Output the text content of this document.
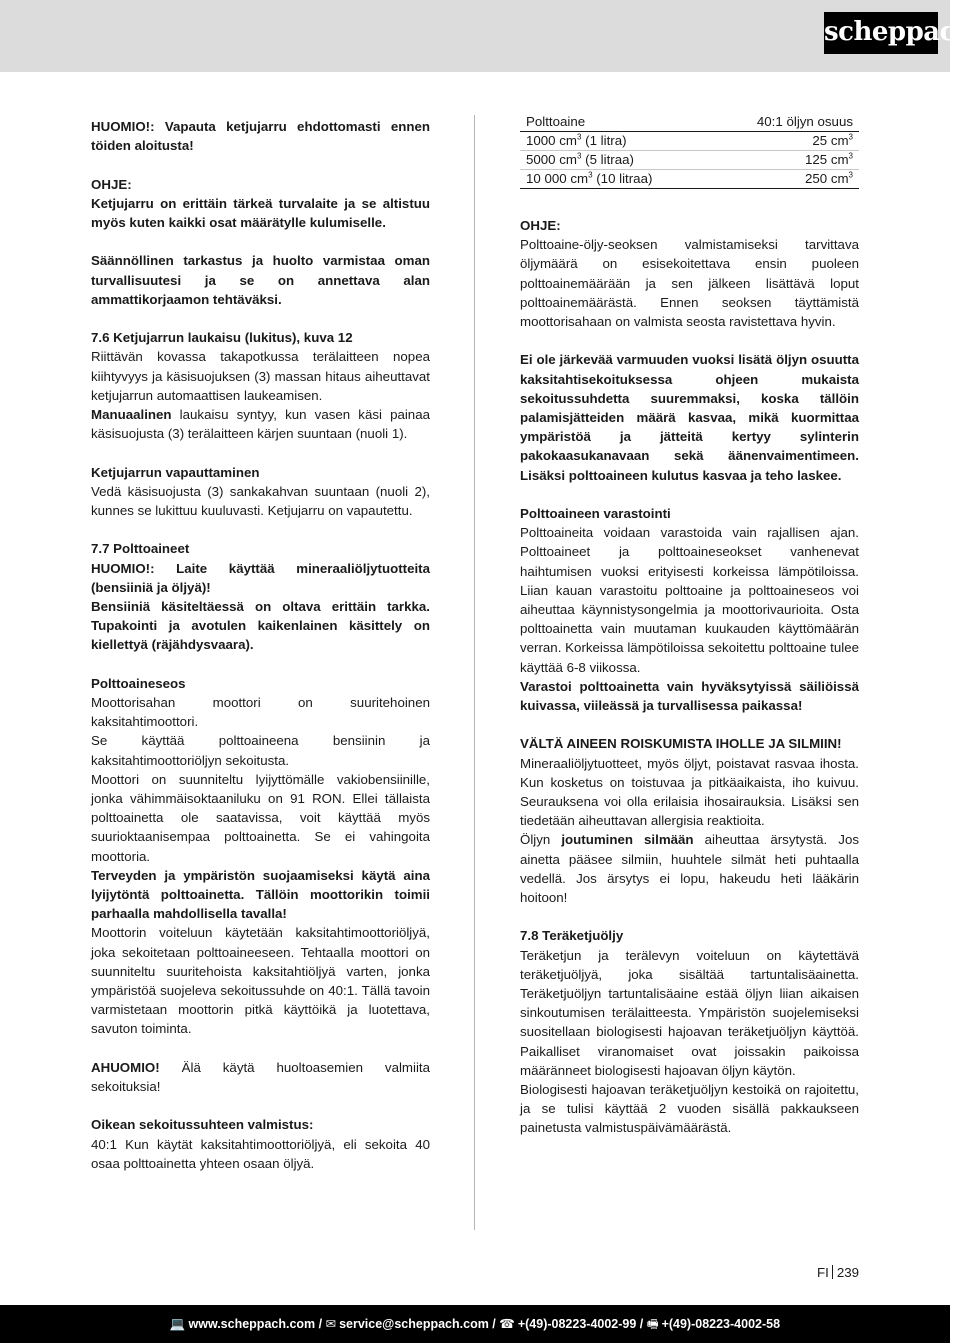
scheppach

HUOMIO!: Vapauta ketjujarru ehdottomasti ennen töiden aloitusta!

OHJE:
Ketjujarru on erittäin tärkeä turvalaite ja se altistuu myös kuten kaikki osat määrätylle kulumiselle.

Säännöllinen tarkastus ja huolto varmistaa oman turvallisuutesi ja se on annettava alan ammattikorjaamon tehtäväksi.

7.6 Ketjujarrun laukaisu (lukitus), kuva 12
Riittävän kovassa takapotkussa terälaitteen nopea kiihtyvyys ja käsisuojuksen (3) massan hitaus aiheuttavat ketjujarrun automaattisen laukeamisen.
Manuaalinen laukaisu syntyy, kun vasen käsi painaa käsisuojusta (3) terälaitteen kärjen suuntaan (nuoli 1).

Ketjujarrun vapauttaminen
Vedä käsisuojusta (3) sankakahvan suuntaan (nuoli 2), kunnes se lukittuu kuuluvasti. Ketjujarru on vapautettu.

7.7 Polttoaineet
HUOMIO!: Laite käyttää mineraaliöljytuotteita (bensiiniä ja öljyä)!
Bensiiniä käsiteltäessä on oltava erittäin tarkka. Tupakointi ja avotulen kaikenlainen käsittely on kiellettyä (räjähdysvaara).

Polttoaineseos
Moottorisahan moottori on suuritehoinen kaksitahtimoottori.
Se käyttää polttoaineena bensiinin ja kaksitahtimoottoriöljyn sekoitusta.
Moottori on suunniteltu lyijyttömälle vakiobensiinille, jonka vähimmäisoktaaniluku on 91 RON. Ellei tällaista polttoainetta ole saatavissa, voit käyttää myös suurioktaanisempaa polttoainetta. Se ei vahingoita moottoria.
Terveyden ja ympäristön suojaamiseksi käytä aina lyijytöntä polttoainetta. Tällöin moottorikin toimii parhaalla mahdollisella tavalla!
Moottorin voiteluun käytetään kaksitahtimoottoriöljyä, joka sekoitetaan polttoaineeseen. Tehtaalla moottori on suunniteltu suuritehoista kaksitahtiöljyä varten, jonka ympäristöä suojeleva sekoitussuhde on 40:1. Tällä tavoin varmistetaan moottorin pitkä käyttöikä ja luotettava, savuton toiminta.

AHUOMIO! Älä käytä huoltoasemien valmiita sekoituksia!

Oikean sekoitussuhteen valmistus:
40:1 Kun käytät kaksitahtimoottoriöljyä, eli sekoita 40 osaa polttoainetta yhteen osaan öljyä.

Polttoaine	40:1 öljyn osuus
1000 $cm^3$ (1 litra)	25 $cm^3$
5000 $cm^3$ (5 litraa)	125 $cm^3$
10 000 $cm^3$ (10 litraa)	250 $cm^3$

OHJE:
Polttoaine-öljy-seoksen valmistamiseksi tarvittava öljymäärä on esisekoitettava ensin puoleen polttoainemäärään ja sen jälkeen lisättävä loput polttoainemäärästä. Ennen seoksen täyttämistä moottorisahaan on valmista seosta ravistettava hyvin.

Ei ole järkevää varmuuden vuoksi lisätä öljyn osuutta kaksitahtisekoituksessa ohjeen mukaista sekoitussuhdetta suuremmaksi, koska tällöin palamisjätteiden määrä kasvaa, mikä kuormittaa ympäristöä ja jätteitä kertyy sylinterin pakokaasukanavaan sekä äänenvaimentimeen. Lisäksi polttoaineen kulutus kasvaa ja teho laskee.

Polttoaineen varastointi
Polttoaineita voidaan varastoida vain rajallisen ajan. Polttoaineet ja polttoaineseokset vanhenevat haihtumisen vuoksi erityisesti korkeissa lämpötiloissa. Liian kauan varastoitu polttoaine ja polttoaineseos voi aiheuttaa käynnistysongelmia ja moottorivaurioita. Osta polttoainetta vain muutaman kuukauden käyttömäärän verran. Korkeissa lämpötiloissa sekoitettu polttoaine tulee käyttää 6-8 viikossa.
Varastoi polttoainetta vain hyväksytyissä säiliöissä kuivassa, viileässä ja turvallisessa paikassa!

VÄLTÄ AINEEN ROISKUMISTA IHOLLE JA SILMIIN!
Mineraaliöljytuotteet, myös öljyt, poistavat rasvaa ihosta. Kun kosketus on toistuvaa ja pitkäaikaista, iho kuivuu. Seurauksena voi olla erilaisia ihosairauksia. Lisäksi sen tiedetään aiheuttavan allergisia reaktioita.
Öljyn joutuminen silmään aiheuttaa ärsytystä. Jos ainetta pääsee silmiin, huuhtele silmät heti puhtaalla vedellä. Jos ärsytys ei lopu, hakeudu heti lääkärin hoitoon!

7.8 Teräketjuöljy
Teräketjun ja terälevyn voiteluun on käytettävä teräketjuöljyä, joka sisältää tartuntalisäainetta. Teräketjuöljyn tartuntalisäaine estää öljyn liian aikaisen sinkoutumisen terälaitteesta. Ympäristön suojelemiseksi suositellaan biologisesti hajoavan teräketjuöljyn käyttöä. Paikalliset viranomaiset ovat joissakin paikoissa määränneet biologisesti hajoavan öljyn käytön.
Biologisesti hajoavan teräketjuöljyn kestoikä on rajoitettu, ja se tulisi käyttää 2 vuoden sisällä pakkaukseen painetusta valmistuspäivämäärästä.

FI 239
💻 www.scheppach.com / ✉ service@scheppach.com / ☎ +(49)-08223-4002-99 / 🖷 +(49)-08223-4002-58
